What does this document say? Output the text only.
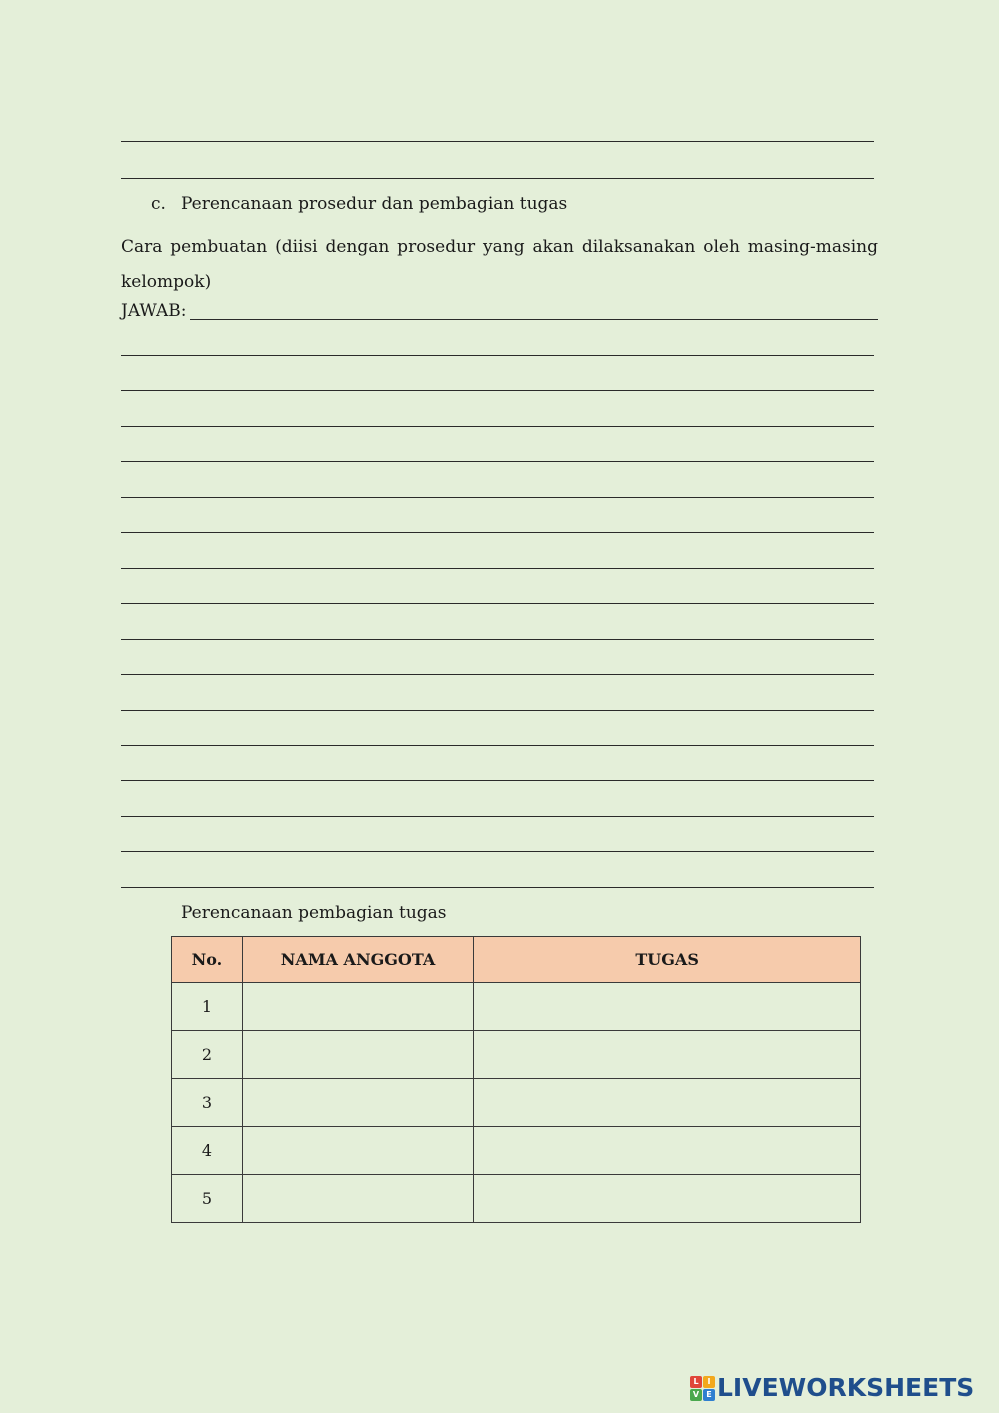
c. Perencanaan prosedur dan pembagian tugas
Cara pembuatan (diisi dengan prosedur yang akan dilaksanakan oleh masing-masing kelompok)
JAWAB:
Perencanaan pembagian tugas
No.	NAMA ANGGOTA	TUGAS
1		
2		
3		
4		
5		
L	I
V E LIVEWORKSHEETS
